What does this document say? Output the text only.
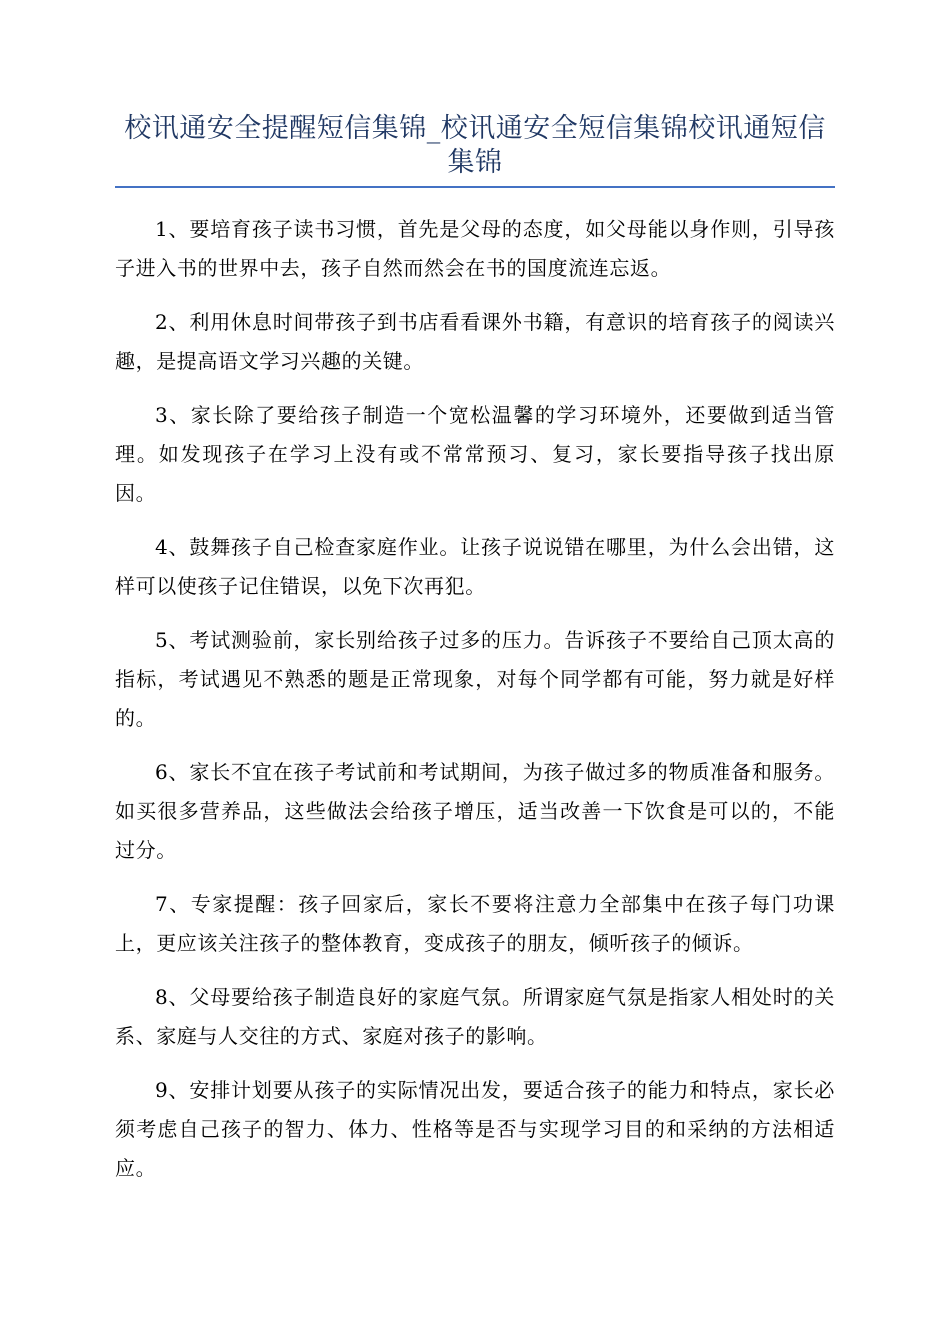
校讯通安全提醒短信集锦_校讯通安全短信集锦校讯通短信集锦

1、要培育孩子读书习惯，首先是父母的态度，如父母能以身作则，引导孩子进入书的世界中去，孩子自然而然会在书的国度流连忘返。

2、利用休息时间带孩子到书店看看课外书籍，有意识的培育孩子的阅读兴趣，是提高语文学习兴趣的关键。

3、家长除了要给孩子制造一个宽松温馨的学习环境外，还要做到适当管理。如发现孩子在学习上没有或不常常预习、复习，家长要指导孩子找出原因。

4、鼓舞孩子自己检查家庭作业。让孩子说说错在哪里，为什么会出错，这样可以使孩子记住错误，以免下次再犯。

5、考试测验前，家长别给孩子过多的压力。告诉孩子不要给自己顶太高的指标，考试遇见不熟悉的题是正常现象，对每个同学都有可能，努力就是好样的。

6、家长不宜在孩子考试前和考试期间，为孩子做过多的物质准备和服务。如买很多营养品，这些做法会给孩子增压，适当改善一下饮食是可以的，不能过分。

7、专家提醒：孩子回家后，家长不要将注意力全部集中在孩子每门功课上，更应该关注孩子的整体教育，变成孩子的朋友，倾听孩子的倾诉。

8、父母要给孩子制造良好的家庭气氛。所谓家庭气氛是指家人相处时的关系、家庭与人交往的方式、家庭对孩子的影响。

9、安排计划要从孩子的实际情况出发，要适合孩子的能力和特点，家长必须考虑自己孩子的智力、体力、性格等是否与实现学习目的和采纳的方法相适应。
